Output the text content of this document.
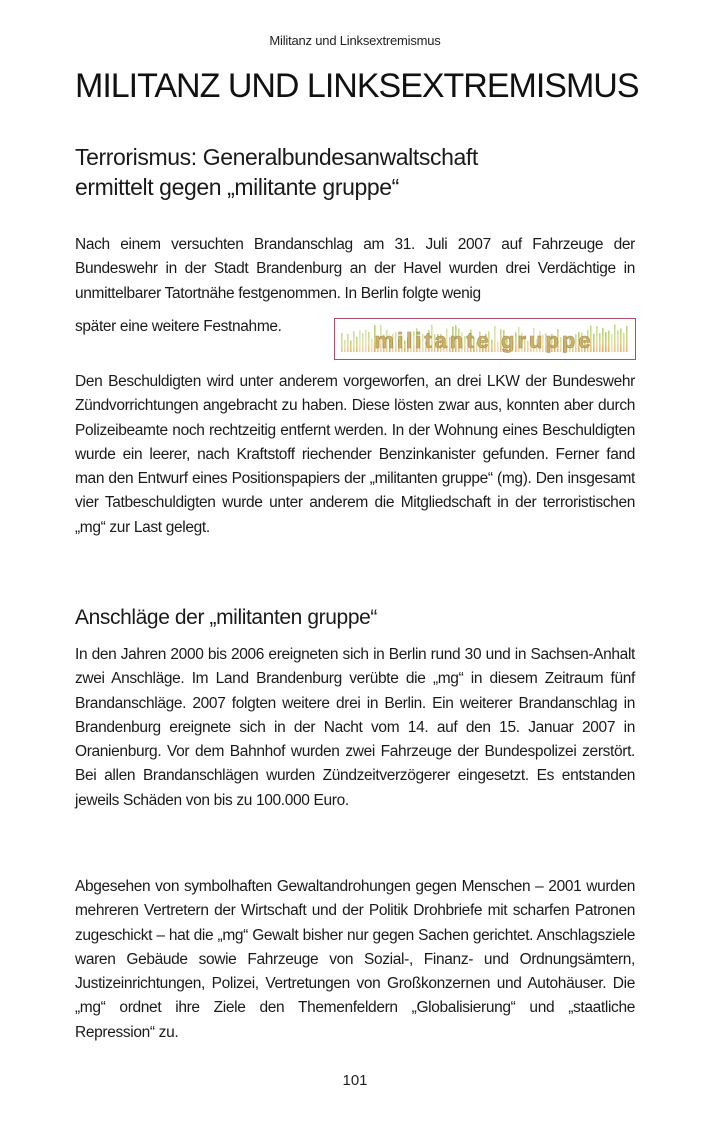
Militanz und Linksextremismus
MILITANZ UND LINKSEXTREMISMUS
Terrorismus: Generalbundesanwaltschaft
ermittelt gegen „militante gruppe“

Nach einem versuchten Brandanschlag am 31. Juli 2007 auf Fahrzeuge der Bundeswehr in der Stadt Brandenburg an der Havel wurden drei Verdächtige in unmittelbarer Tatortnähe festgenommen. In Berlin folgte wenig

später eine weitere Festnahme.
militante gruppe

Den Beschuldigten wird unter anderem vorgeworfen, an drei LKW der Bundeswehr Zündvorrichtungen angebracht zu haben. Diese lösten zwar aus, konnten aber durch Polizeibeamte noch rechtzeitig entfernt werden. In der Wohnung eines Beschuldigten wurde ein leerer, nach Kraftstoff riechender Benzinkanister gefunden. Ferner fand man den Entwurf eines Positionspapiers der „militanten gruppe“ (mg). Den insgesamt vier Tatbeschuldigten wurde unter anderem die Mitgliedschaft in der terroristischen „mg“ zur Last gelegt.

Anschläge der „militanten gruppe“

In den Jahren 2000 bis 2006 ereigneten sich in Berlin rund 30 und in Sachsen-Anhalt zwei Anschläge. Im Land Brandenburg verübte die „mg“ in diesem Zeitraum fünf Brandanschläge. 2007 folgten weitere drei in Berlin. Ein weiterer Brandanschlag in Brandenburg ereignete sich in der Nacht vom 14. auf den 15. Januar 2007 in Oranienburg. Vor dem Bahnhof wurden zwei Fahrzeuge der Bundespolizei zerstört. Bei allen Brandanschlägen wurden Zündzeitverzögerer eingesetzt. Es entstanden jeweils Schäden von bis zu 100.000 Euro.

Abgesehen von symbolhaften Gewaltandrohungen gegen Menschen – 2001 wurden mehreren Vertretern der Wirtschaft und der Politik Drohbriefe mit scharfen Patronen zugeschickt – hat die „mg“ Gewalt bisher nur gegen Sachen gerichtet. Anschlagsziele waren Gebäude sowie Fahrzeuge von Sozial-, Finanz- und Ordnungsämtern, Justizeinrichtungen, Polizei, Vertretungen von Großkonzernen und Autohäuser. Die „mg“ ordnet ihre Ziele den Themenfeldern „Globalisierung“ und „staatliche Repression“ zu.

101
